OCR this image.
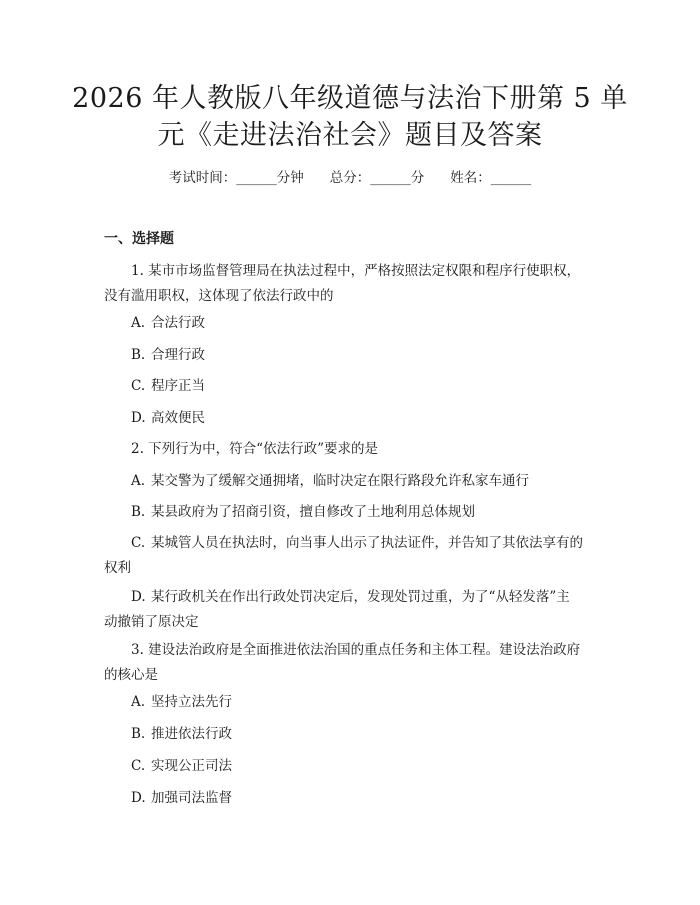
2026 年人教版八年级道德与法治下册第 5 单
元《走进法治社会》题目及答案
考试时间：______分钟 总分：______分 姓名：______
一、选择题
1. 某市市场监督管理局在执法过程中，严格按照法定权限和程序行使职权，
没有滥用职权，这体现了依法行政中的
A. 合法行政
B. 合理行政
C. 程序正当
D. 高效便民
2. 下列行为中，符合“依法行政”要求的是
A. 某交警为了缓解交通拥堵，临时决定在限行路段允许私家车通行
B. 某县政府为了招商引资，擅自修改了土地利用总体规划
C. 某城管人员在执法时，向当事人出示了执法证件，并告知了其依法享有的
权利
D. 某行政机关在作出行政处罚决定后，发现处罚过重，为了“从轻发落”主
动撤销了原决定
3. 建设法治政府是全面推进依法治国的重点任务和主体工程。建设法治政府
的核心是
A. 坚持立法先行
B. 推进依法行政
C. 实现公正司法
D. 加强司法监督
